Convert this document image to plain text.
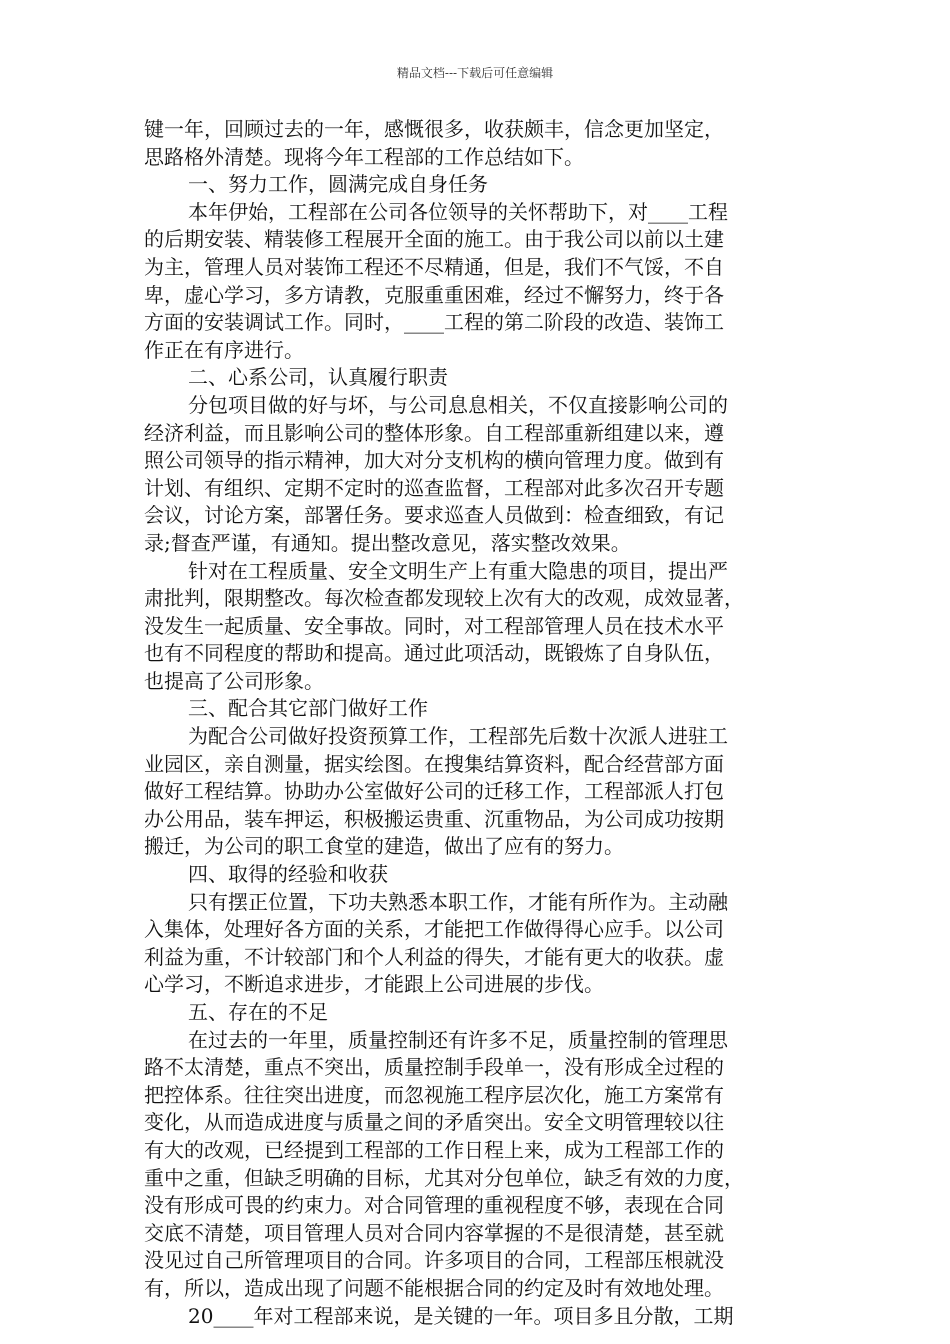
精品文档---下载后可任意编辑
键一年，回顾过去的一年，感慨很多，收获颇丰，信念更加坚定，
思路格外清楚。现将今年工程部的工作总结如下。
一、努力工作，圆满完成自身任务
本年伊始，工程部在公司各位领导的关怀帮助下，对____工程
的后期安装、精装修工程展开全面的施工。由于我公司以前以土建
为主，管理人员对装饰工程还不尽精通，但是，我们不气馁，不自
卑，虚心学习，多方请教，克服重重困难，经过不懈努力，终于各
方面的安装调试工作。同时，____工程的第二阶段的改造、装饰工
作正在有序进行。
二、心系公司，认真履行职责
分包项目做的好与坏，与公司息息相关，不仅直接影响公司的
经济利益，而且影响公司的整体形象。自工程部重新组建以来，遵
照公司领导的指示精神，加大对分支机构的横向管理力度。做到有
计划、有组织、定期不定时的巡查监督，工程部对此多次召开专题
会议，讨论方案，部署任务。要求巡查人员做到：检查细致，有记
录;督查严谨，有通知。提出整改意见，落实整改效果。
针对在工程质量、安全文明生产上有重大隐患的项目，提出严
肃批判，限期整改。每次检查都发现较上次有大的改观，成效显著，
没发生一起质量、安全事故。同时，对工程部管理人员在技术水平
也有不同程度的帮助和提高。通过此项活动，既锻炼了自身队伍，
也提高了公司形象。
三、配合其它部门做好工作
为配合公司做好投资预算工作，工程部先后数十次派人进驻工
业园区，亲自测量，据实绘图。在搜集结算资料，配合经营部方面
做好工程结算。协助办公室做好公司的迁移工作，工程部派人打包
办公用品，装车押运，积极搬运贵重、沉重物品，为公司成功按期
搬迁，为公司的职工食堂的建造，做出了应有的努力。
四、取得的经验和收获
只有摆正位置，下功夫熟悉本职工作，才能有所作为。主动融
入集体，处理好各方面的关系，才能把工作做得得心应手。以公司
利益为重，不计较部门和个人利益的得失，才能有更大的收获。虚
心学习，不断追求进步，才能跟上公司进展的步伐。
五、存在的不足
在过去的一年里，质量控制还有许多不足，质量控制的管理思
路不太清楚，重点不突出，质量控制手段单一，没有形成全过程的
把控体系。往往突出进度，而忽视施工程序层次化，施工方案常有
变化，从而造成进度与质量之间的矛盾突出。安全文明管理较以往
有大的改观，已经提到工程部的工作日程上来，成为工程部工作的
重中之重，但缺乏明确的目标，尤其对分包单位，缺乏有效的力度，
没有形成可畏的约束力。对合同管理的重视程度不够，表现在合同
交底不清楚，项目管理人员对合同内容掌握的不是很清楚，甚至就
没见过自己所管理项目的合同。许多项目的合同，工程部压根就没
有，所以，造成出现了问题不能根据合同的约定及时有效地处理。
20____年对工程部来说，是关键的一年。项目多且分散，工期
